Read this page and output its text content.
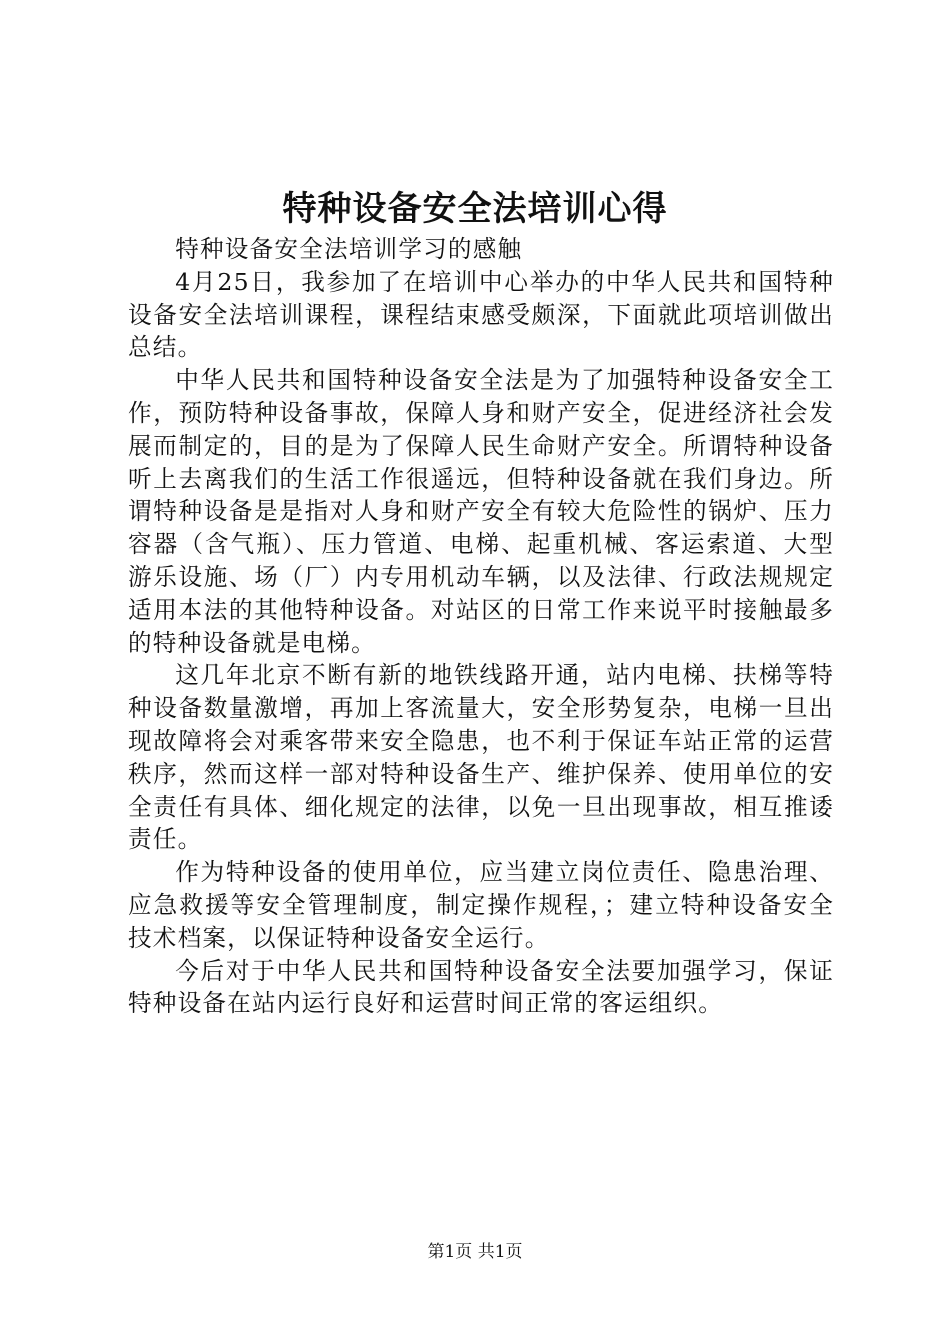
特种设备安全法培训心得

特种设备安全法培训学习的感触

4月25日，我参加了在培训中心举办的中华人民共和国特种设备安全法培训课程，课程结束感受颇深，下面就此项培训做出总结。

中华人民共和国特种设备安全法是为了加强特种设备安全工作，预防特种设备事故，保障人身和财产安全，促进经济社会发展而制定的，目的是为了保障人民生命财产安全。所谓特种设备听上去离我们的生活工作很遥远，但特种设备就在我们身边。所谓特种设备是是指对人身和财产安全有较大危险性的锅炉、压力容器（含气瓶）、压力管道、电梯、起重机械、客运索道、大型游乐设施、场（厂）内专用机动车辆，以及法律、行政法规规定适用本法的其他特种设备。对站区的日常工作来说平时接触最多的特种设备就是电梯。

这几年北京不断有新的地铁线路开通，站内电梯、扶梯等特种设备数量激增，再加上客流量大，安全形势复杂，电梯一旦出现故障将会对乘客带来安全隐患，也不利于保证车站正常的运营秩序，然而这样一部对特种设备生产、维护保养、使用单位的安全责任有具体、细化规定的法律，以免一旦出现事故，相互推诿责任。

作为特种设备的使用单位，应当建立岗位责任、隐患治理、应急救援等安全管理制度，制定操作规程，；建立特种设备安全技术档案，以保证特种设备安全运行。

今后对于中华人民共和国特种设备安全法要加强学习，保证特种设备在站内运行良好和运营时间正常的客运组织。

第1页 共1页
